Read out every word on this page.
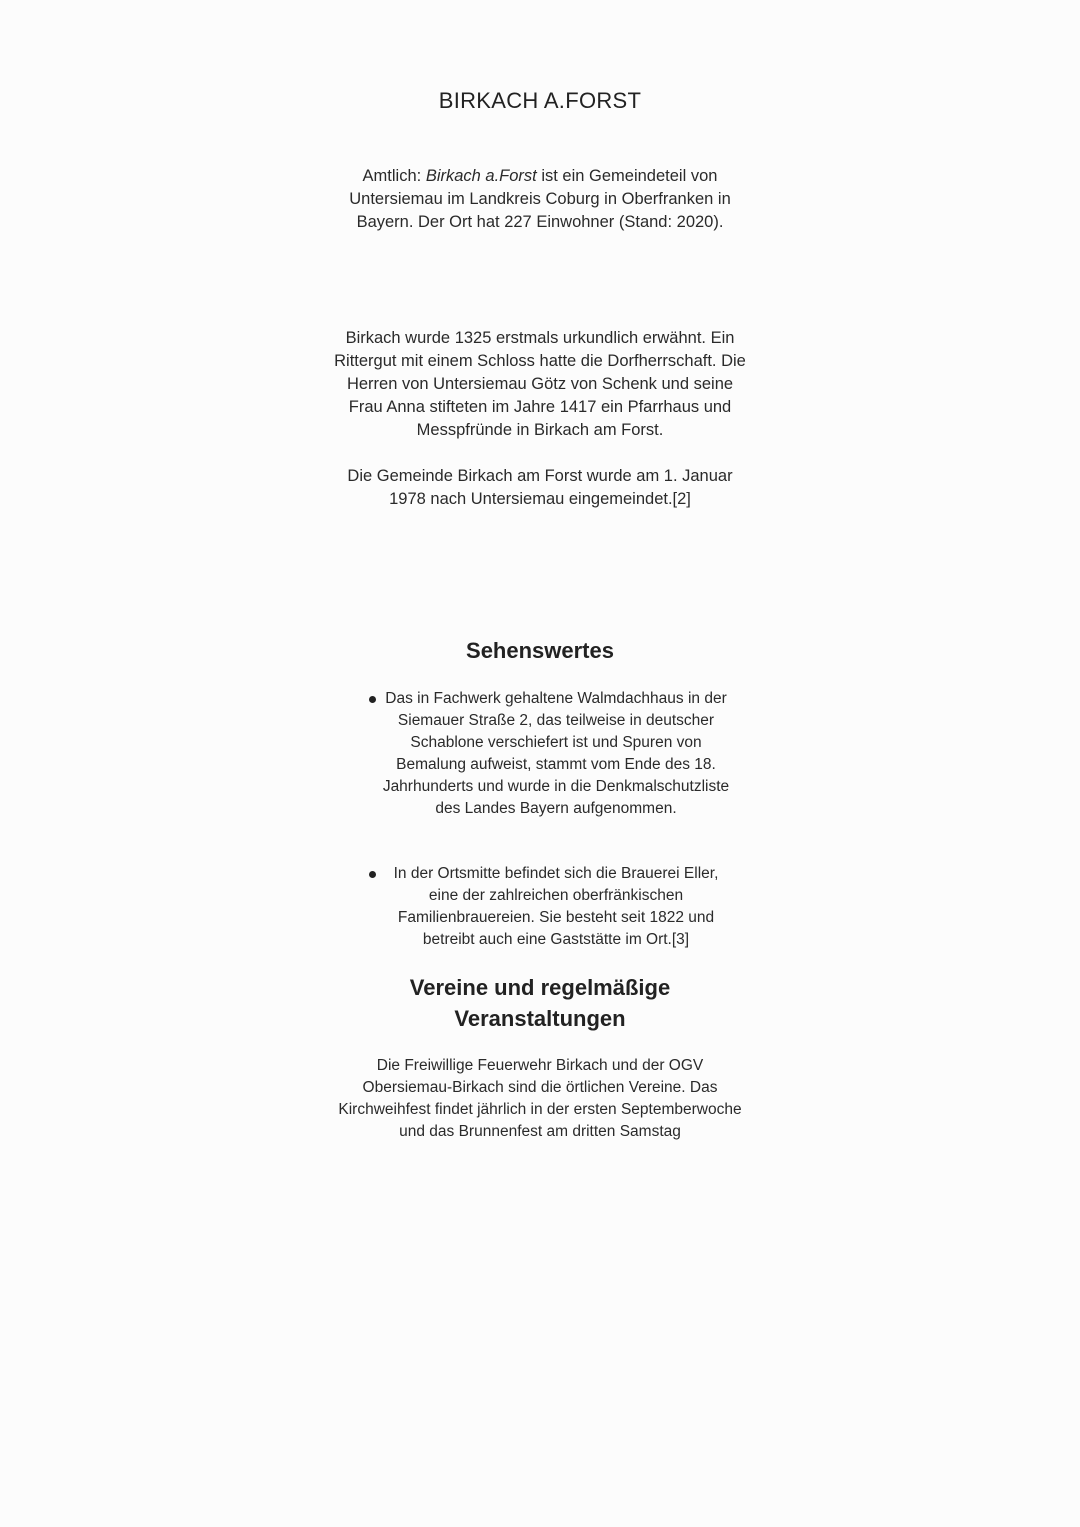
BIRKACH A.FORST

Amtlich: Birkach a.Forst ist ein Gemeindeteil von Untersiemau im Landkreis Coburg in Oberfranken in Bayern. Der Ort hat 227 Einwohner (Stand: 2020).

Birkach wurde 1325 erstmals urkundlich erwähnt. Ein Rittergut mit einem Schloss hatte die Dorfherrschaft. Die Herren von Untersiemau Götz von Schenk und seine Frau Anna stifteten im Jahre 1417 ein Pfarrhaus und Messpfründe in Birkach am Forst.

Die Gemeinde Birkach am Forst wurde am 1. Januar 1978 nach Untersiemau eingemeindet.[2]

Sehenswertes
Das in Fachwerk gehaltene Walmdachhaus in der Siemauer Straße 2, das teilweise in deutscher Schablone verschiefert ist und Spuren von Bemalung aufweist, stammt vom Ende des 18. Jahrhunderts und wurde in die Denkmalschutzliste des Landes Bayern aufgenommen.
In der Ortsmitte befindet sich die Brauerei Eller, eine der zahlreichen oberfränkischen Familienbrauereien. Sie besteht seit 1822 und betreibt auch eine Gaststätte im Ort.[3]
Vereine und regelmäßige Veranstaltungen
Die Freiwillige Feuerwehr Birkach und der OGV Obersiemau-Birkach sind die örtlichen Vereine. Das Kirchweihfest findet jährlich in der ersten Septemberwoche und das Brunnenfest am dritten Samstag
